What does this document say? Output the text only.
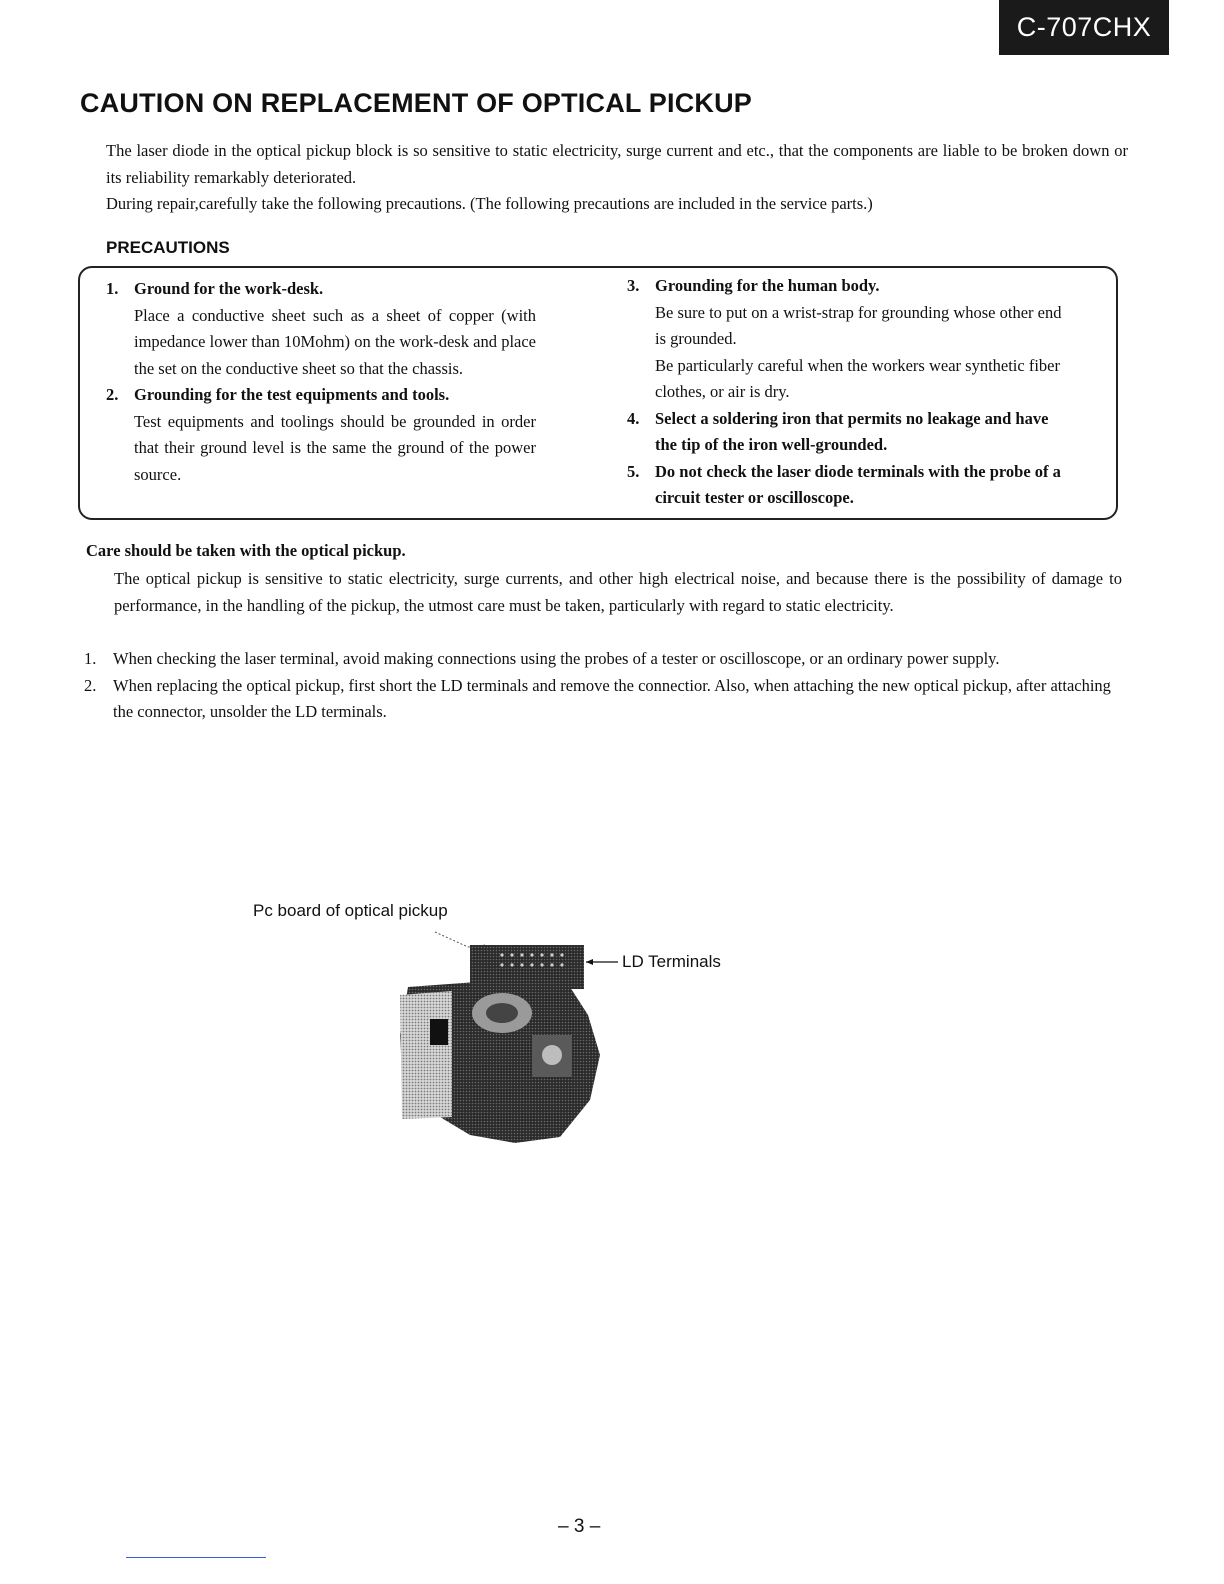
C-707CHX
CAUTION ON REPLACEMENT OF OPTICAL PICKUP

The laser diode in the optical pickup block is so sensitive to static electricity, surge current and etc., that the components are liable to be broken down or its reliability remarkably deteriorated.

During repair,carefully take the following precautions. (The following precautions are included in the service parts.)

PRECAUTIONS
1. Ground for the work-desk.
Place a conductive sheet such as a sheet of copper (with impedance lower than 10Mohm) on the work-desk and place the set on the conductive sheet so that the chassis.
2. Grounding for the test equipments and tools.
Test equipments and toolings should be grounded in order that their ground level is the same the ground of the power source.
3. Grounding for the human body.
Be sure to put on a wrist-strap for grounding whose other end is grounded.
Be particularly careful when the workers wear synthetic fiber clothes, or air is dry.
4. Select a soldering iron that permits no leakage and have the tip of the iron well-grounded.
5. Do not check the laser diode terminals with the probe of a circuit tester or oscilloscope.
Care should be taken with the optical pickup.

The optical pickup is sensitive to static electricity, surge currents, and other high electrical noise, and because there is the possibility of damage to performance, in the handling of the pickup, the utmost care must be taken, particularly with regard to static electricity.

1. When checking the laser terminal, avoid making connections using the probes of a tester or oscilloscope, or an ordinary power supply.
2. When replacing the optical pickup, first short the LD terminals and remove the connectior. Also, when attaching the new optical pickup, after attaching the connector, unsolder the LD terminals.
Pc board of optical pickup
LD Terminals
– 3 –
